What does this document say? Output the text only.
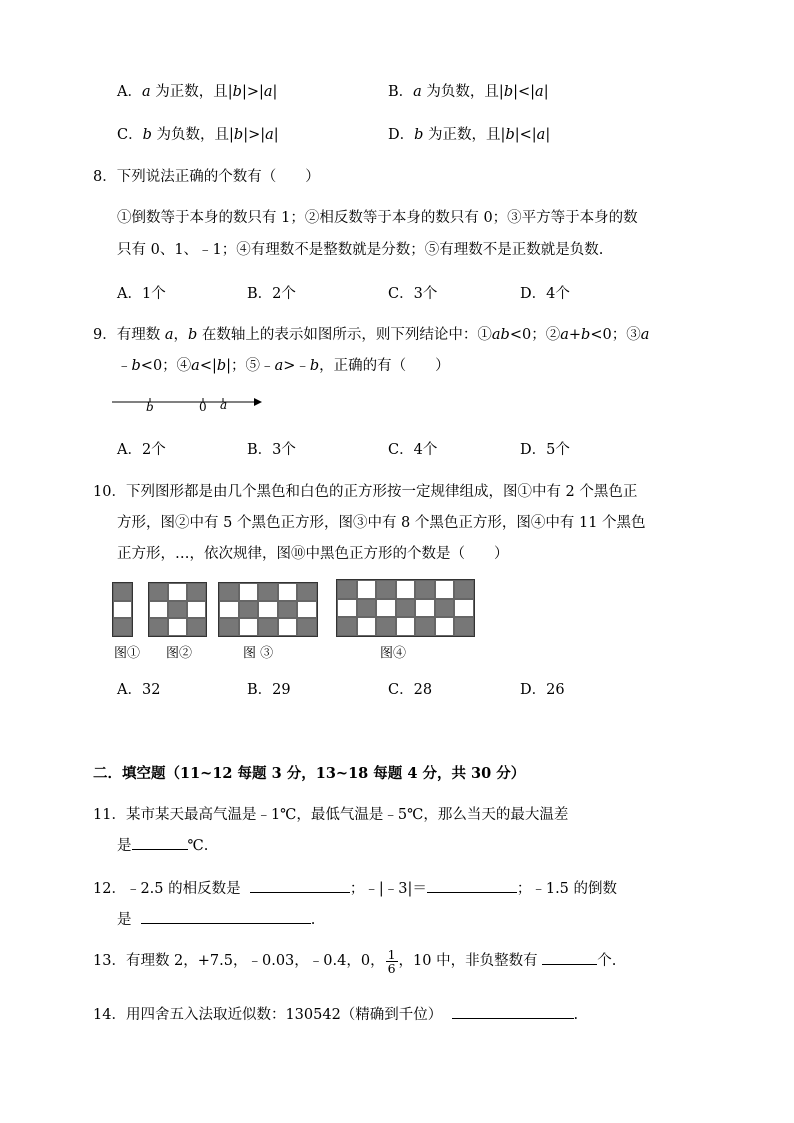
A．a 为正数，且|b|>|a|	B．a 为负数，且|b|<|a|
C．b 为负数，且|b|>|a|	D．b 为正数，且|b|<|a|
8．下列说法正确的个数有（　　）
①倒数等于本身的数只有 1；②相反数等于本身的数只有 0；③平方等于本身的数
只有 0、1、﹣1；④有理数不是整数就是分数；⑤有理数不是正数就是负数.
A．1个	B．2个	C．3个	D．4个
9．有理数 a，b 在数轴上的表示如图所示，则下列结论中：①ab<0；②a+b<0；③a
﹣b<0；④a<|b|；⑤﹣a>﹣b，正确的有（　　）
b	0 a
A．2个	B．3个	C．4个	D．5个
10．下列图形都是由几个黑色和白色的正方形按一定规律组成，图①中有 2 个黑色正
方形，图②中有 5 个黑色正方形，图③中有 8 个黑色正方形，图④中有 11 个黑色
正方形，…，依次规律，图⑩中黑色正方形的个数是（　　）
图① 图②	图 ③	图④
A．32	B．29	C．28	D．26
二．填空题（11~12 每题 3 分，13~18 每题 4 分，共 30 分）
11．某市某天最高气温是﹣1℃，最低气温是﹣5℃，那么当天的最大温差
是	℃.
12．﹣2.5 的相反数是	；﹣|﹣3|＝	；﹣1.5 的倒数
是	.
13．有理数 2，+7.5，﹣0.03，﹣0.4，0， $\frac{1}{6}$ ，10 中，非负整数有	个.
14．用四舍五入法取近似数：130542（精确到千位）	.
